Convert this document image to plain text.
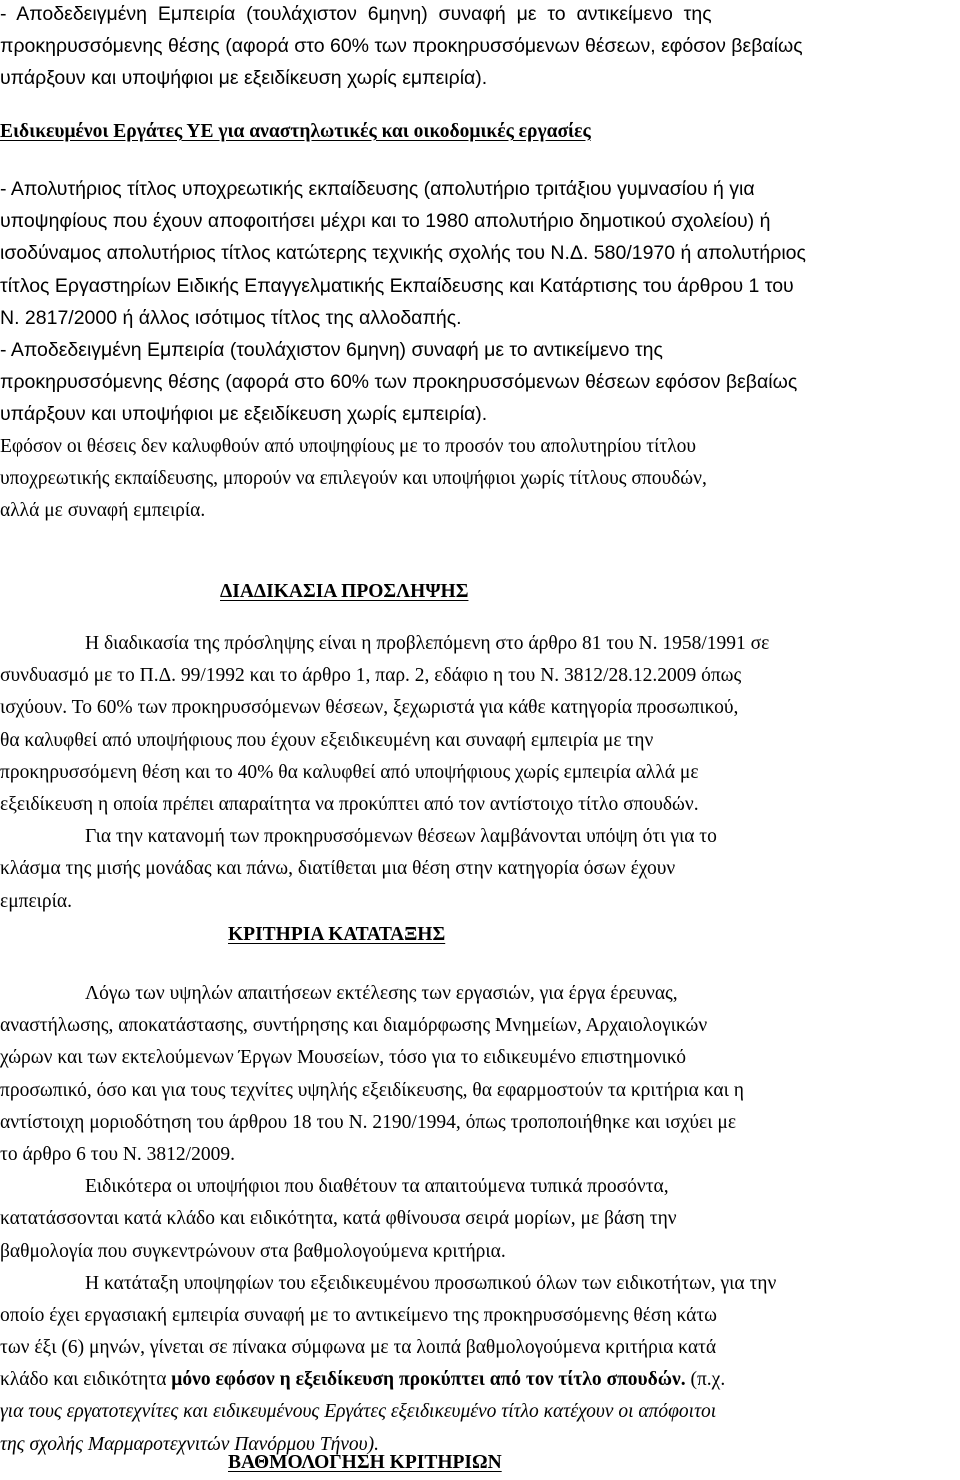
-  Αποδεδειγμένη  Εμπειρία  (τουλάχιστον  6μηνη)  συναφή  με  το  αντικείμενο  της
προκηρυσσόμενης θέσης (αφορά στο 60% των προκηρυσσόμενων θέσεων, εφόσον βεβαίως
υπάρξουν και υποψήφιοι με εξειδίκευση χωρίς εμπειρία).
Ειδικευμένοι Εργάτες ΥΕ για αναστηλωτικές και οικοδομικές εργασίες
- Απολυτήριος τίτλος υποχρεωτικής εκπαίδευσης (απολυτήριο τριτάξιου γυμνασίου ή για
υποψηφίους που έχουν αποφοιτήσει μέχρι και το 1980 απολυτήριο δημοτικού σχολείου) ή
ισοδύναμος απολυτήριος τίτλος κατώτερης τεχνικής σχολής του Ν.Δ. 580/1970 ή απολυτήριος
τίτλος Εργαστηρίων Ειδικής Επαγγελματικής Εκπαίδευσης και Κατάρτισης του άρθρου 1 του
Ν. 2817/2000 ή άλλος ισότιμος τίτλος της αλλοδαπής.
- Αποδεδειγμένη Εμπειρία (τουλάχιστον 6μηνη) συναφή με το αντικείμενο της
προκηρυσσόμενης θέσης (αφορά στο 60% των προκηρυσσόμενων θέσεων εφόσον βεβαίως
υπάρξουν και υποψήφιοι με εξειδίκευση χωρίς εμπειρία).
Εφόσον οι θέσεις δεν καλυφθούν από υποψηφίους με το προσόν του απολυτηρίου τίτλου
υποχρεωτικής εκπαίδευσης, μπορούν να επιλεγούν και υποψήφιοι χωρίς τίτλους σπουδών,
αλλά με συναφή εμπειρία.
ΔΙΑΔΙΚΑΣΙΑ ΠΡΟΣΛΗΨΗΣ
Η διαδικασία της πρόσληψης είναι η προβλεπόμενη στο άρθρο 81 του Ν. 1958/1991 σε
συνδυασμό με το Π.Δ. 99/1992 και το άρθρο 1, παρ. 2, εδάφιο η του Ν. 3812/28.12.2009 όπως
ισχύουν. Το 60% των προκηρυσσόμενων θέσεων, ξεχωριστά για κάθε κατηγορία προσωπικού,
θα καλυφθεί από υποψήφιους που έχουν εξειδικευμένη και συναφή εμπειρία με την
προκηρυσσόμενη θέση και το 40% θα καλυφθεί από υποψήφιους χωρίς εμπειρία αλλά με
εξειδίκευση η οποία πρέπει απαραίτητα να προκύπτει από τον αντίστοιχο τίτλο σπουδών.
Για την κατανομή των προκηρυσσόμενων θέσεων λαμβάνονται υπόψη ότι για το
κλάσμα της μισής μονάδας και πάνω, διατίθεται μια θέση στην κατηγορία όσων έχουν
εμπειρία.
ΚΡΙΤΗΡΙΑ ΚΑΤΑΤΑΞΗΣ
Λόγω των υψηλών απαιτήσεων εκτέλεσης των εργασιών, για έργα έρευνας,
αναστήλωσης, αποκατάστασης, συντήρησης και διαμόρφωσης Μνημείων, Αρχαιολογικών
χώρων και των εκτελούμενων Έργων Μουσείων, τόσο για το ειδικευμένο επιστημονικό
προσωπικό, όσο και για τους τεχνίτες υψηλής εξειδίκευσης, θα εφαρμοστούν τα κριτήρια και η
αντίστοιχη μοριοδότηση του άρθρου 18 του Ν. 2190/1994, όπως τροποποιήθηκε και ισχύει με
το άρθρο 6 του Ν. 3812/2009.
Ειδικότερα οι υποψήφιοι που διαθέτουν τα απαιτούμενα τυπικά προσόντα,
κατατάσσονται κατά κλάδο και ειδικότητα, κατά φθίνουσα σειρά μορίων, με βάση την
βαθμολογία που συγκεντρώνουν στα βαθμολογούμενα κριτήρια.
Η κατάταξη υποψηφίων του εξειδικευμένου προσωπικού όλων των ειδικοτήτων, για την
οποίο έχει εργασιακή εμπειρία συναφή με το αντικείμενο της προκηρυσσόμενης θέση κάτω
των έξι (6) μηνών, γίνεται σε πίνακα σύμφωνα με τα λοιπά βαθμολογούμενα κριτήρια κατά
κλάδο και ειδικότητα μόνο εφόσον η εξειδίκευση προκύπτει από τον τίτλο σπουδών. (π.χ.
για τους εργατοτεχνίτες και ειδικευμένους Εργάτες εξειδικευμένο τίτλο κατέχουν οι απόφοιτοι
της σχολής Μαρμαροτεχνιτών Πανόρμου Τήνου).
ΒΑΘΜΟΛΟΓΗΣΗ ΚΡΙΤΗΡΙΩΝ
